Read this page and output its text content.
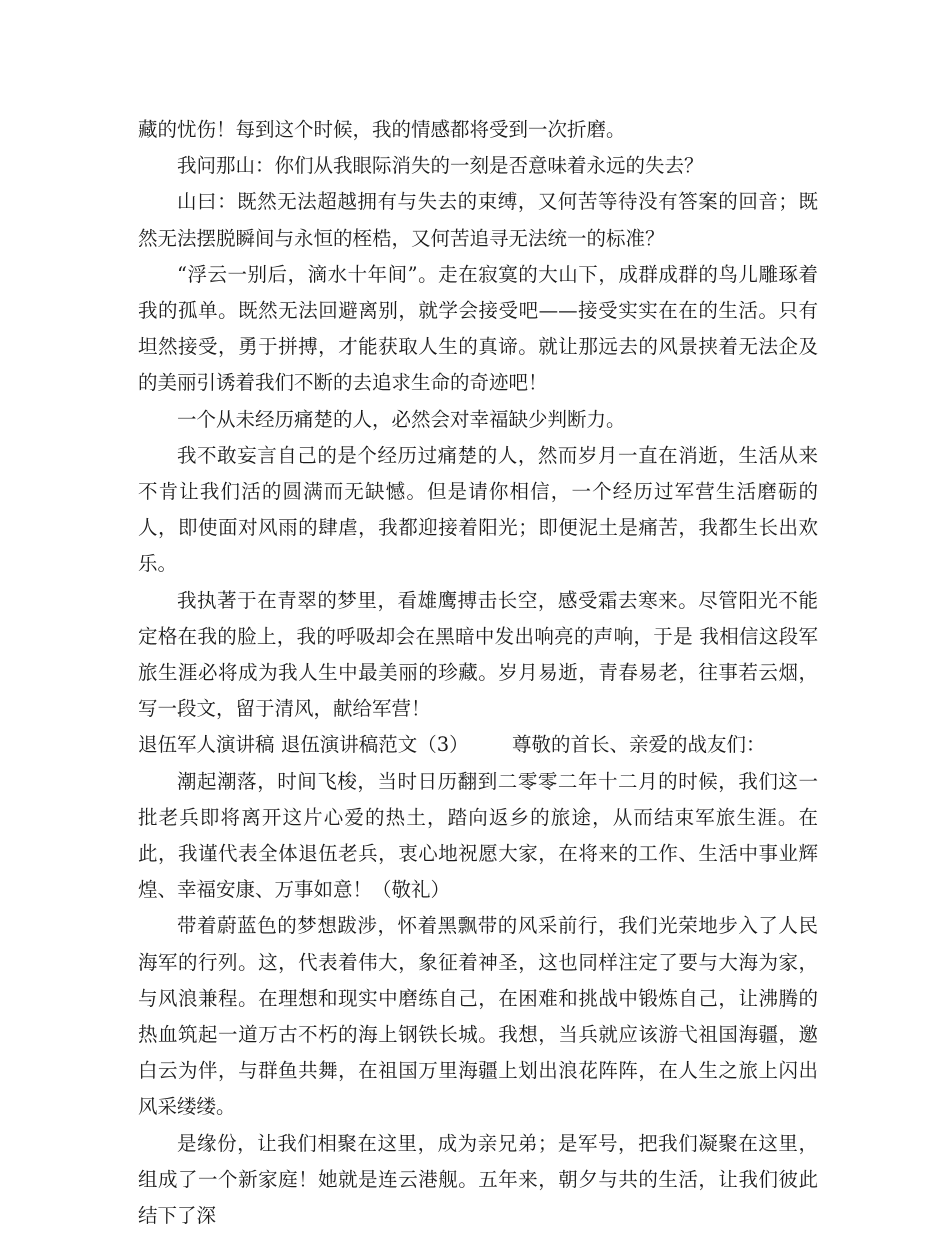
藏的忧伤！每到这个时候，我的情感都将受到一次折磨。

我问那山：你们从我眼际消失的一刻是否意味着永远的失去？

山曰：既然无法超越拥有与失去的束缚，又何苦等待没有答案的回音；既然无法摆脱瞬间与永恒的桎梏，又何苦追寻无法统一的标准？

“浮云一别后，滴水十年间”。走在寂寞的大山下，成群成群的鸟儿雕琢着我的孤单。既然无法回避离别，就学会接受吧——接受实实在在的生活。只有坦然接受，勇于拼搏，才能获取人生的真谛。就让那远去的风景挟着无法企及的美丽引诱着我们不断的去追求生命的奇迹吧！

一个从未经历痛楚的人，必然会对幸福缺少判断力。

我不敢妄言自己的是个经历过痛楚的人，然而岁月一直在消逝，生活从来不肯让我们活的圆满而无缺憾。但是请你相信，一个经历过军营生活磨砺的人，即使面对风雨的肆虐，我都迎接着阳光；即便泥土是痛苦，我都生长出欢乐。

我执著于在青翠的梦里，看雄鹰搏击长空，感受霜去寒来。尽管阳光不能定格在我的脸上，我的呼吸却会在黑暗中发出响亮的声响，于是 我相信这段军旅生涯必将成为我人生中最美丽的珍藏。岁月易逝，青春易老，往事若云烟，写一段文，留于清风，献给军营！

退伍军人演讲稿 退伍演讲稿范文（3）       尊敬的首长、亲爱的战友们：

潮起潮落，时间飞梭，当时日历翻到二零零二年十二月的时候，我们这一批老兵即将离开这片心爱的热土，踏向返乡的旅途，从而结束军旅生涯。在此，我谨代表全体退伍老兵，衷心地祝愿大家，在将来的工作、生活中事业辉煌、幸福安康、万事如意！（敬礼）

带着蔚蓝色的梦想跋涉，怀着黑飘带的风采前行，我们光荣地步入了人民海军的行列。这，代表着伟大，象征着神圣，这也同样注定了要与大海为家，与风浪兼程。在理想和现实中磨练自己，在困难和挑战中锻炼自己，让沸腾的热血筑起一道万古不朽的海上钢铁长城。我想，当兵就应该游弋祖国海疆，邀白云为伴，与群鱼共舞，在祖国万里海疆上划出浪花阵阵，在人生之旅上闪出风采缕缕。

是缘份，让我们相聚在这里，成为亲兄弟；是军号，把我们凝聚在这里，组成了一个新家庭！她就是连云港舰。五年来，朝夕与共的生活，让我们彼此结下了深
